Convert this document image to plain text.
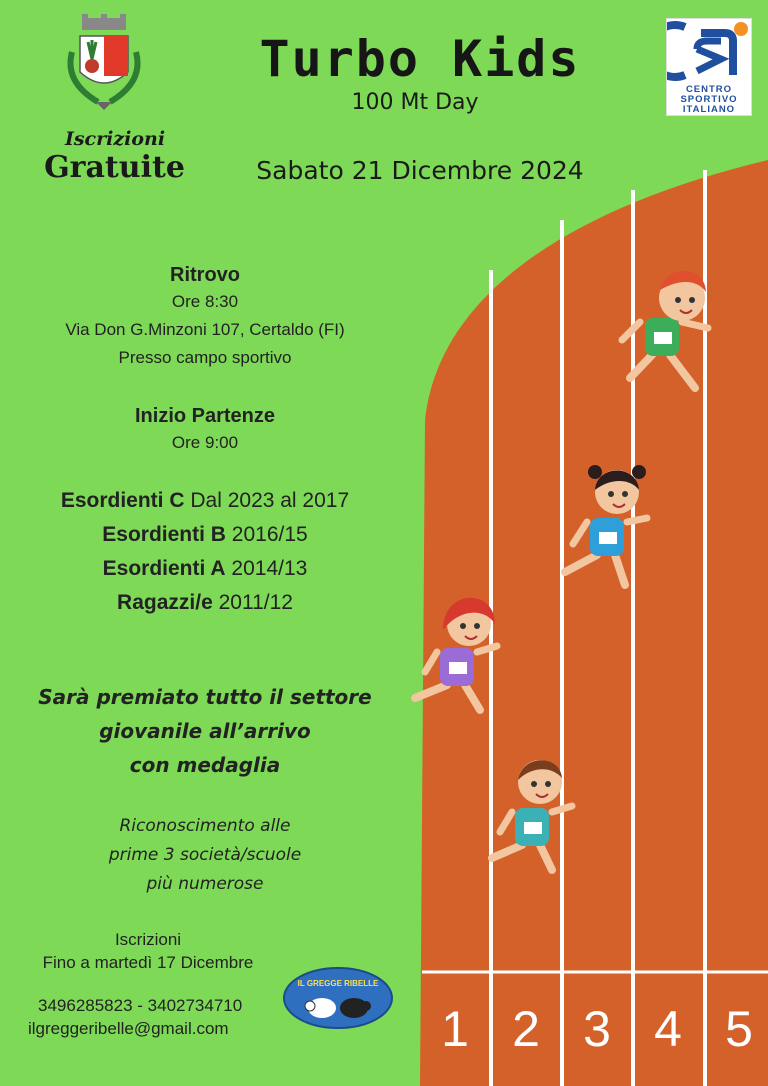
CENTRO
SPORTIVO
ITALIANO
Turbo Kids
100 Mt Day
Sabato 21 Dicembre 2024
Iscrizioni
Gratuite
Ritrovo
Ore 8:30
Via Don G.Minzoni 107, Certaldo (FI)
Presso campo sportivo
Inizio Partenze
Ore 9:00
Esordienti C Dal 2023 al 2017
Esordienti B 2016/15
Esordienti A 2014/13
Ragazzi/e 2011/12
Sarà premiato tutto il settore
giovanile all’arrivo
con medaglia
Riconoscimento alle
prime 3 società/scuole
più numerose
Iscrizioni
Fino a martedì 17 Dicembre
3496285823 - 3402734710
ilgreggeribelle@gmail.com
IL GREGGE RIBELLE
1 2 3 4 5
